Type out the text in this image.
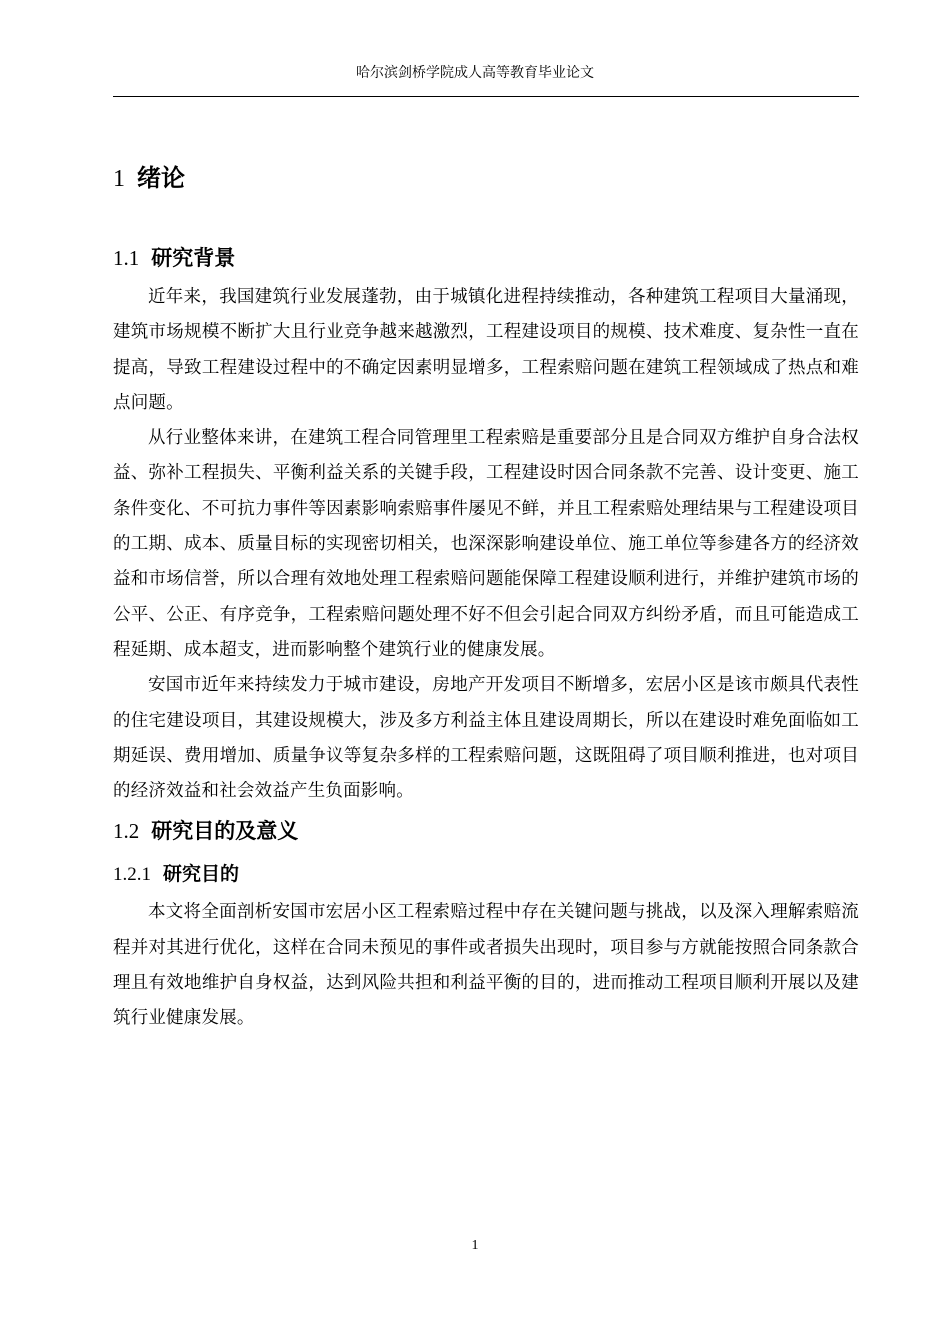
哈尔滨剑桥学院成人高等教育毕业论文
1 绪论
1.1 研究背景

近年来，我国建筑行业发展蓬勃，由于城镇化进程持续推动，各种建筑工程项目大量涌现，建筑市场规模不断扩大且行业竞争越来越激烈，工程建设项目的规模、技术难度、复杂性一直在提高，导致工程建设过程中的不确定因素明显增多，工程索赔问题在建筑工程领域成了热点和难点问题。

从行业整体来讲，在建筑工程合同管理里工程索赔是重要部分且是合同双方维护自身合法权益、弥补工程损失、平衡利益关系的关键手段，工程建设时因合同条款不完善、设计变更、施工条件变化、不可抗力事件等因素影响索赔事件屡见不鲜，并且工程索赔处理结果与工程建设项目的工期、成本、质量目标的实现密切相关，也深深影响建设单位、施工单位等参建各方的经济效益和市场信誉，所以合理有效地处理工程索赔问题能保障工程建设顺利进行，并维护建筑市场的公平、公正、有序竞争，工程索赔问题处理不好不但会引起合同双方纠纷矛盾，而且可能造成工程延期、成本超支，进而影响整个建筑行业的健康发展。

安国市近年来持续发力于城市建设，房地产开发项目不断增多，宏居小区是该市颇具代表性的住宅建设项目，其建设规模大，涉及多方利益主体且建设周期长，所以在建设时难免面临如工期延误、费用增加、质量争议等复杂多样的工程索赔问题，这既阻碍了项目顺利推进，也对项目的经济效益和社会效益产生负面影响。

1.2 研究目的及意义
1.2.1 研究目的

本文将全面剖析安国市宏居小区工程索赔过程中存在关键问题与挑战，以及深入理解索赔流程并对其进行优化，这样在合同未预见的事件或者损失出现时，项目参与方就能按照合同条款合理且有效地维护自身权益，达到风险共担和利益平衡的目的，进而推动工程项目顺利开展以及建筑行业健康发展。

1
